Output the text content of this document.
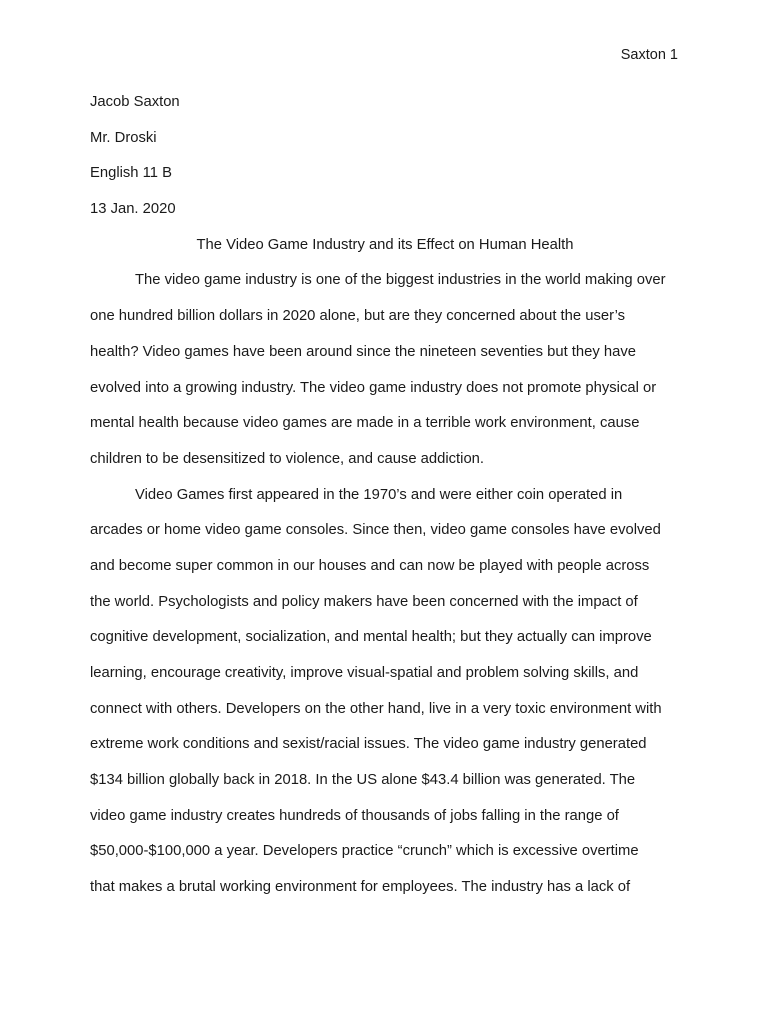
Saxton 1
Jacob Saxton
Mr. Droski
English 11 B
13 Jan. 2020
The Video Game Industry and its Effect on Human Health
The video game industry is one of the biggest industries in the world making over
one hundred billion dollars in 2020 alone, but are they concerned about the user’s
health? Video games have been around since the nineteen seventies but they have
evolved into a growing industry. The video game industry does not promote physical or
mental health because video games are made in a terrible work environment, cause
children to be desensitized to violence, and cause addiction.
Video Games first appeared in the 1970’s and were either coin operated in
arcades or home video game consoles. Since then, video game consoles have evolved
and become super common in our houses and can now be played with people across
the world. Psychologists and policy makers have been concerned with the impact of
cognitive development, socialization, and mental health; but they actually can improve
learning, encourage creativity, improve visual-spatial and problem solving skills, and
connect with others. Developers on the other hand, live in a very toxic environment with
extreme work conditions and sexist/racial issues. The video game industry generated
$134 billion globally back in 2018. In the US alone $43.4 billion was generated. The
video game industry creates hundreds of thousands of jobs falling in the range of
$50,000-$100,000 a year. Developers practice “crunch” which is excessive overtime
that makes a brutal working environment for employees. The industry has a lack of
